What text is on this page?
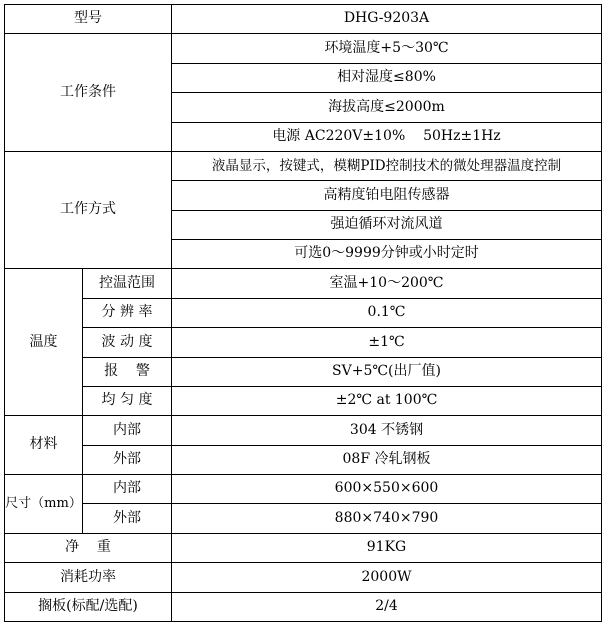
型号		DHG-9203A
工作条件		环境温度+5～30℃
		相对湿度≤80%
		海拔高度≤2000m
		电源 AC220V±10%    50Hz±1Hz
工作方式		液晶显示，按键式，模糊PID控制技术的微处理器温度控制
		高精度铂电阻传感器
		强迫循环对流风道
		可选0～9999分钟或小时定时
温度	控温范围	室温+10～200℃
	分 辨 率	0.1℃
	波 动 度	±1℃
	报    警	SV+5℃(出厂值)
	均 匀 度	±2℃ at 100℃
材料	内部	304 不锈钢
	外部	08F 冷轧钢板
尺寸（mm）	内部	600×550×600
	外部	880×740×790
净    重		91KG
消耗功率		2000W
搁板(标配/选配)		2/4
